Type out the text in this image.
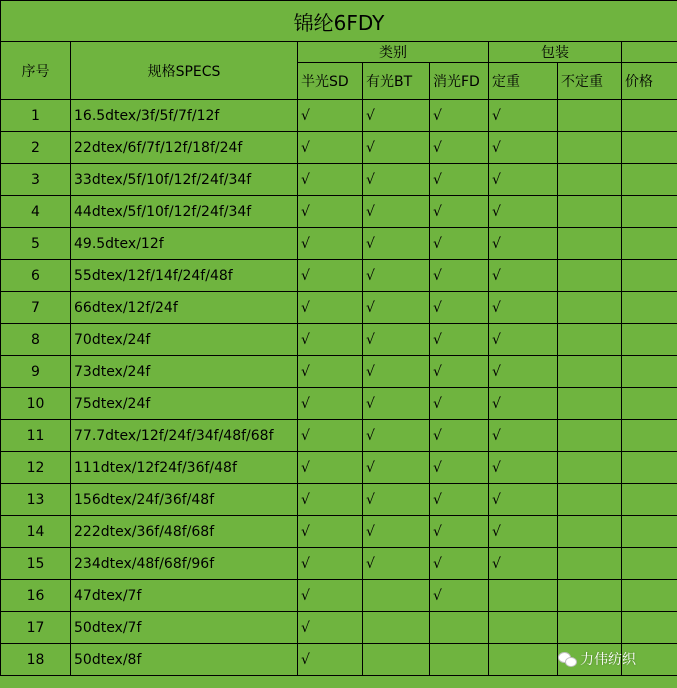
锦纶6FDY							
序号	规格SPECS	类别			包装		
		半光SD	有光BT	消光FD	定重	不定重	价格
1	16.5dtex/3f/5f/7f/12f	√	√	√	√		
2	22dtex/6f/7f/12f/18f/24f	√	√	√	√		
3	33dtex/5f/10f/12f/24f/34f	√	√	√	√		
4	44dtex/5f/10f/12f/24f/34f	√	√	√	√		
5	49.5dtex/12f	√	√	√	√		
6	55dtex/12f/14f/24f/48f	√	√	√	√		
7	66dtex/12f/24f	√	√	√	√		
8	70dtex/24f	√	√	√	√		
9	73dtex/24f	√	√	√	√		
10	75dtex/24f	√	√	√	√		
11	77.7dtex/12f/24f/34f/48f/68f	√	√	√	√		
12	111dtex/12f24f/36f/48f	√	√	√	√		
13	156dtex/24f/36f/48f	√	√	√	√		
14	222dtex/36f/48f/68f	√	√	√	√		
15	234dtex/48f/68f/96f	√	√	√	√		
16	47dtex/7f	√		√			
17	50dtex/7f	√					
18	50dtex/8f	√						力伟纺织
